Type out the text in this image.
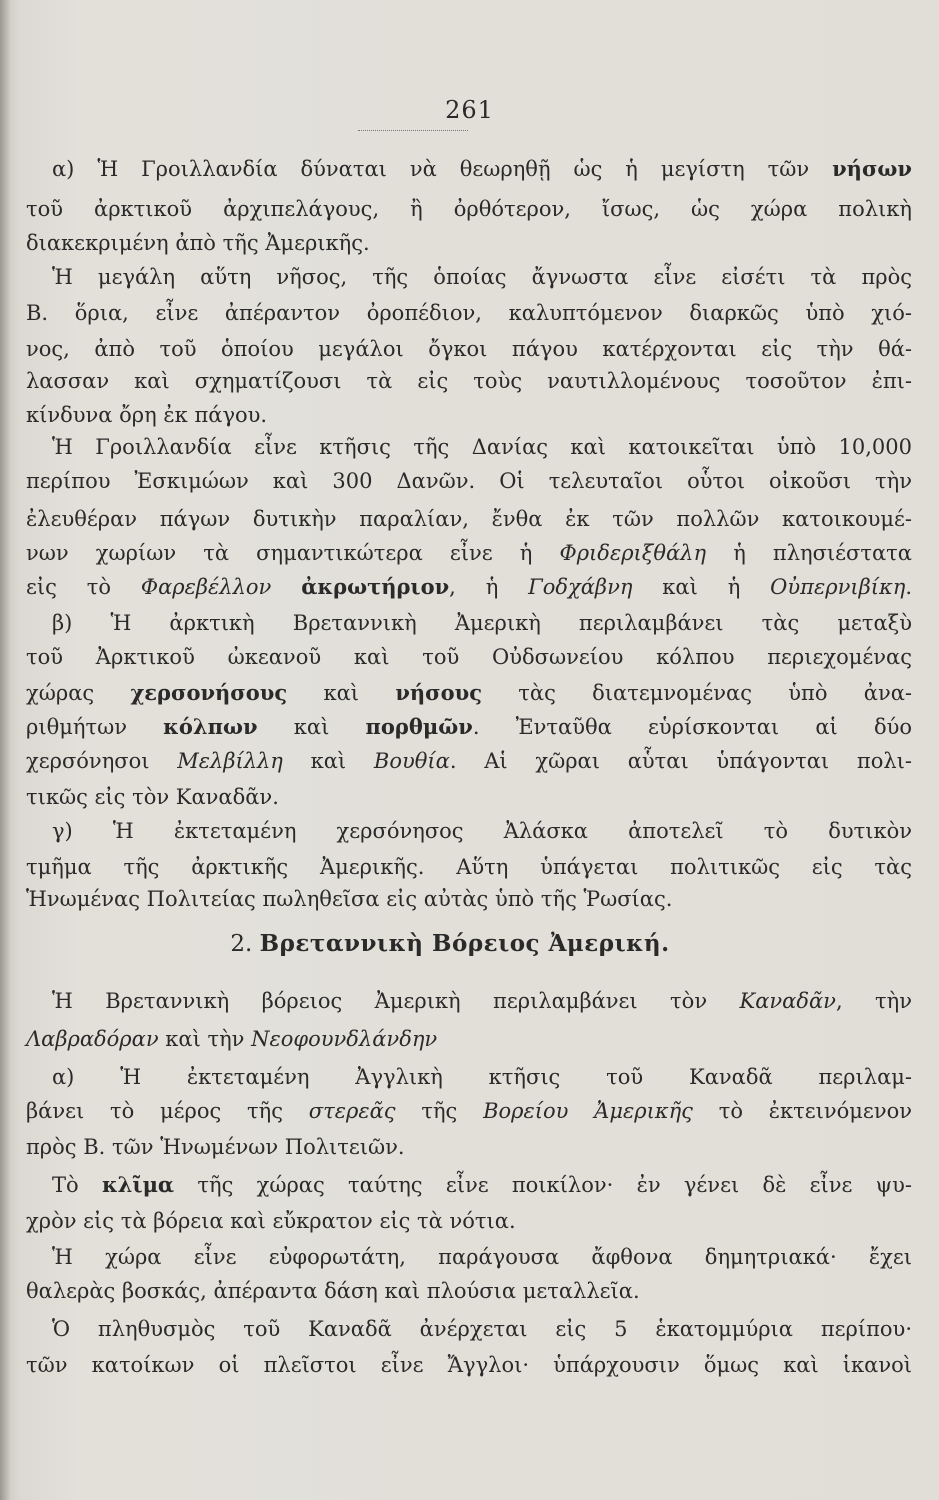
261
α) Ἡ Γροιλλανδία δύναται νὰ θεωρηθῇ ὡς ἡ μεγίστη τῶν νήσων
τοῦ ἀρκτικοῦ ἀρχιπελάγους, ἢ ὀρθότερον, ἴσως, ὡς χώρα πολικὴ
διακεκριμένη ἀπὸ τῆς Ἀμερικῆς.
Ἡ μεγάλη αὕτη νῆσος, τῆς ὁποίας ἄγνωστα εἶνε εἰσέτι τὰ πρὸς
Β. ὅρια, εἶνε ἀπέραντον ὀροπέδιον, καλυπτόμενον διαρκῶς ὑπὸ χιό-
νος, ἀπὸ τοῦ ὁποίου μεγάλοι ὄγκοι πάγου κατέρχονται εἰς τὴν θά-
λασσαν καὶ σχηματίζουσι τὰ εἰς τοὺς ναυτιλλομένους τοσοῦτον ἐπι-
κίνδυνα ὄρη ἐκ πάγου.
Ἡ Γροιλλανδία εἶνε κτῆσις τῆς Δανίας καὶ κατοικεῖται ὑπὸ 10,000
περίπου Ἐσκιμώων καὶ 300 Δανῶν. Οἱ τελευταῖοι οὗτοι οἰκοῦσι τὴν
ἐλευθέραν πάγων δυτικὴν παραλίαν, ἔνθα ἐκ τῶν πολλῶν κατοικουμέ-
νων χωρίων τὰ σημαντικώτερα εἶνε ἡ Φριδεριξθάλη ἡ πλησιέστατα
εἰς τὸ Φαρεβέλλον ἀκρωτήριον, ἡ Γοδχάβνη καὶ ἡ Οὐπερνιβίκη.
β) Ἡ ἀρκτικὴ Βρεταννικὴ Ἀμερικὴ περιλαμβάνει τὰς μεταξὺ
τοῦ Ἀρκτικοῦ ὠκεανοῦ καὶ τοῦ Οὐδσωνείου κόλπου περιεχομένας
χώρας χερσονήσους καὶ νήσους τὰς διατεμνομένας ὑπὸ ἀνα-
ριθμήτων κόλπων καὶ πορθμῶν. Ἐνταῦθα εὑρίσκονται αἱ δύο
χερσόνησοι Μελβίλλη καὶ Βουθία. Αἱ χῶραι αὗται ὑπάγονται πολι-
τικῶς εἰς τὸν Καναδᾶν.
γ) Ἡ ἐκτεταμένη χερσόνησος Ἀλάσκα ἀποτελεῖ τὸ δυτικὸν
τμῆμα τῆς ἀρκτικῆς Ἀμερικῆς. Αὕτη ὑπάγεται πολιτικῶς εἰς τὰς
Ἡνωμένας Πολιτείας πωληθεῖσα εἰς αὐτὰς ὑπὸ τῆς Ῥωσίας.
2. Βρεταννικὴ Βόρειος Ἀμερική.
Ἡ Βρεταννικὴ βόρειος Ἀμερικὴ περιλαμβάνει τὸν Καναδᾶν, τὴν
Λαβραδόραν καὶ τὴν Νεοφουνδλάνδην
α) Ἡ ἐκτεταμένη Ἀγγλικὴ κτῆσις τοῦ Καναδᾶ περιλαμ-
βάνει τὸ μέρος τῆς στερεᾶς τῆς Βορείου Ἀμερικῆς τὸ ἐκτεινόμενον
πρὸς Β. τῶν Ἡνωμένων Πολιτειῶν.
Τὸ κλῖμα τῆς χώρας ταύτης εἶνε ποικίλον· ἐν γένει δὲ εἶνε ψυ-
χρὸν εἰς τὰ βόρεια καὶ εὔκρατον εἰς τὰ νότια.
Ἡ χώρα εἶνε εὐφορωτάτη, παράγουσα ἄφθονα δημητριακά· ἔχει
θαλερὰς βοσκάς, ἀπέραντα δάση καὶ πλούσια μεταλλεῖα.
Ὁ πληθυσμὸς τοῦ Καναδᾶ ἀνέρχεται εἰς 5 ἑκατομμύρια περίπου·
τῶν κατοίκων οἱ πλεῖστοι εἶνε Ἄγγλοι· ὑπάρχουσιν ὅμως καὶ ἱκανοὶ
